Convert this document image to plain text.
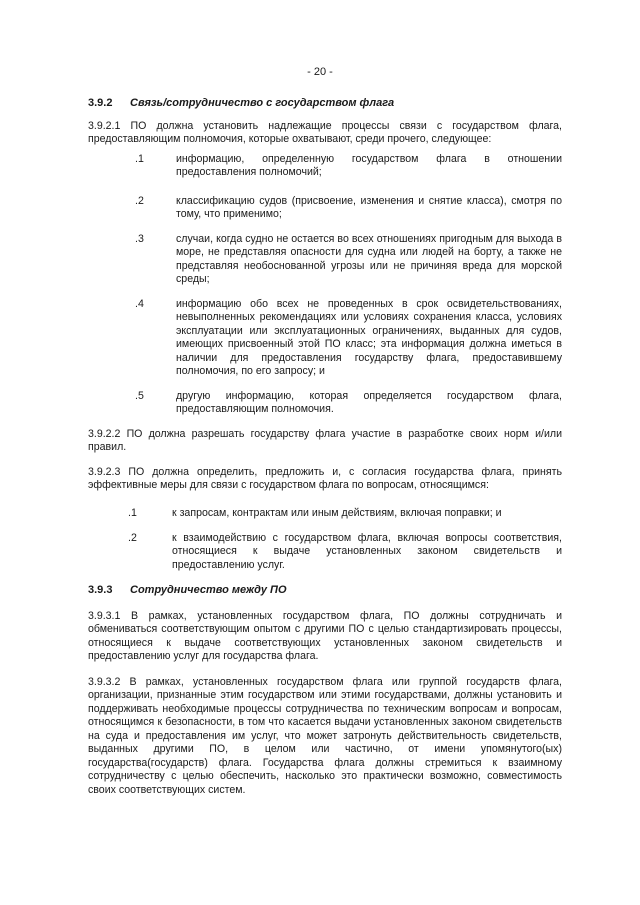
- 20 -
3.9.2 Связь/сотрудничество с государством флага
3.9.2.1 ПО должна установить надлежащие процессы связи с государством флага, предоставляющим полномочия, которые охватывают, среди прочего, следующее:
.1	информацию, определенную государством флага в отношении предоставления полномочий;
.2	классификацию судов (присвоение, изменения и снятие класса), смотря по тому, что применимо;
.3	случаи, когда судно не остается во всех отношениях пригодным для выхода в море, не представляя опасности для судна или людей на борту, а также не представляя необоснованной угрозы или не причиняя вреда для морской среды;
.4	информацию обо всех не проведенных в срок освидетельствованиях, невыполненных рекомендациях или условиях сохранения класса, условиях эксплуатации или эксплуатационных ограничениях, выданных для судов, имеющих присвоенный этой ПО класс; эта информация должна иметься в наличии для предоставления государству флага, предоставившему полномочия, по его запросу; и
.5	другую информацию, которая определяется государством флага, предоставляющим полномочия.
3.9.2.2 ПО должна разрешать государству флага участие в разработке своих норм и/или правил.
3.9.2.3 ПО должна определить, предложить и, с согласия государства флага, принять эффективные меры для связи с государством флага по вопросам, относящимся:
.1	к запросам, контрактам или иным действиям, включая поправки; и
.2	к взаимодействию с государством флага, включая вопросы соответствия, относящиеся к выдаче установленных законом свидетельств и предоставлению услуг.
3.9.3 Сотрудничество между ПО
3.9.3.1 В рамках, установленных государством флага, ПО должны сотрудничать и обмениваться соответствующим опытом с другими ПО с целью стандартизировать процессы, относящиеся к выдаче соответствующих установленных законом свидетельств и предоставлению услуг для государства флага.
3.9.3.2 В рамках, установленных государством флага или группой государств флага, организации, признанные этим государством или этими государствами, должны установить и поддерживать необходимые процессы сотрудничества по техническим вопросам и вопросам, относящимся к безопасности, в том что касается выдачи установленных законом свидетельств на суда и предоставления им услуг, что может затронуть действительность свидетельств, выданных другими ПО, в целом или частично, от имени упомянутого(ых) государства(государств) флага. Государства флага должны стремиться к взаимному сотрудничеству с целью обеспечить, насколько это практически возможно, совместимость своих соответствующих систем.
